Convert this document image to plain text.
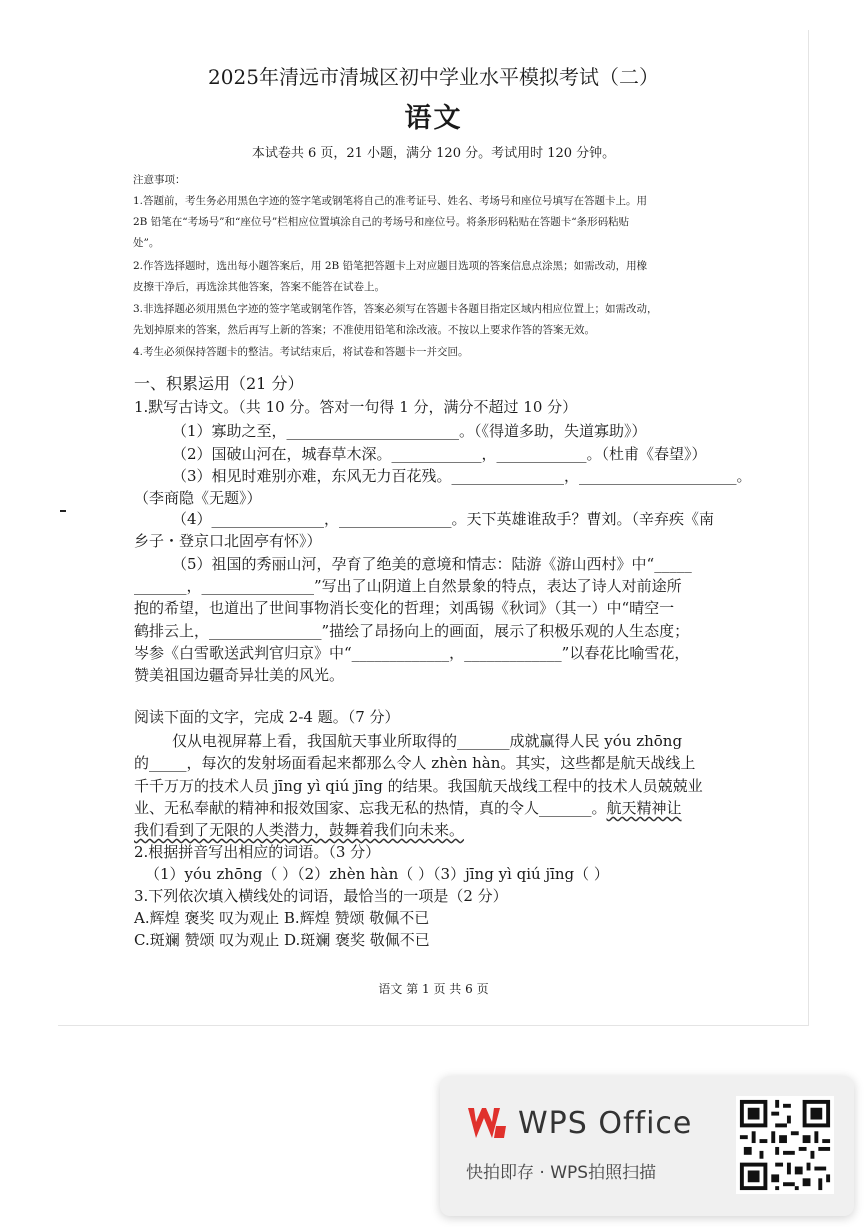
2025年清远市清城区初中学业水平模拟考试（二）
语文
本试卷共 6 页，21 小题，满分 120 分。考试用时 120 分钟。
注意事项：
1.答题前，考生务必用黑色字迹的签字笔或钢笔将自己的准考证号、姓名、考场号和座位号填写在答题卡上。用
2B 铅笔在“考场号”和“座位号”栏相应位置填涂自己的考场号和座位号。将条形码粘贴在答题卡“条形码粘贴
处”。
2.作答选择题时，选出每小题答案后，用 2B 铅笔把答题卡上对应题目选项的答案信息点涂黑；如需改动，用橡
皮擦干净后，再选涂其他答案，答案不能答在试卷上。
3.非选择题必须用黑色字迹的签字笔或钢笔作答，答案必须写在答题卡各题目指定区域内相应位置上；如需改动，
先划掉原来的答案，然后再写上新的答案；不准使用铅笔和涂改液。不按以上要求作答的答案无效。
4.考生必须保持答题卡的整洁。考试结束后，将试卷和答题卡一并交回。
一、积累运用（21 分）
1.默写古诗文。（共 10 分。答对一句得 1 分，满分不超过 10 分）
（1）寡助之至，_______________________。（《得道多助，失道寡助》）
（2）国破山河在，城春草木深。____________，____________。（杜甫《春望》）
（3）相见时难别亦难，东风无力百花残。_______________，_____________________。
（李商隐《无题》）
（4）_______________，_______________。天下英雄谁敌手？曹刘。（辛弃疾《南
乡子・登京口北固亭有怀》）
（5）祖国的秀丽山河，孕育了绝美的意境和情志：陆游《游山西村》中“_____
_______，_______________”写出了山阴道上自然景象的特点，表达了诗人对前途所
抱的希望，也道出了世间事物消长变化的哲理；刘禹锡《秋词》（其一）中“晴空一
鹤排云上，_______________”描绘了昂扬向上的画面，展示了积极乐观的人生态度；
岑参《白雪歌送武判官归京》中“_____________，_____________”以春花比喻雪花，
赞美祖国边疆奇异壮美的风光。
阅读下面的文字，完成 2-4 题。（7 分）
仅从电视屏幕上看，我国航天事业所取得的_______成就赢得人民 yóu zhōng
的_____，每次的发射场面看起来都那么令人 zhèn hàn。其实，这些都是航天战线上
千千万万的技术人员 jīng yì qiú jīng 的结果。我国航天战线工程中的技术人员兢兢业
业、无私奉献的精神和报效国家、忘我无私的热情，真的令人_______。航天精神让
我们看到了无限的人类潜力，鼓舞着我们向未来。
2.根据拼音写出相应的词语。（3 分）
（1）yóu zhōng（ ）（2）zhèn hàn（ ）（3）jīng yì qiú jīng（ ）
3.下列依次填入横线处的词语，最恰当的一项是（2 分）
A.辉煌 褒奖 叹为观止 B.辉煌 赞颂 敬佩不已
C.斑斓 赞颂 叹为观止 D.斑斓 褒奖 敬佩不已
语文 第 1 页 共 6 页
WPS Office
快拍即存 · WPS拍照扫描
